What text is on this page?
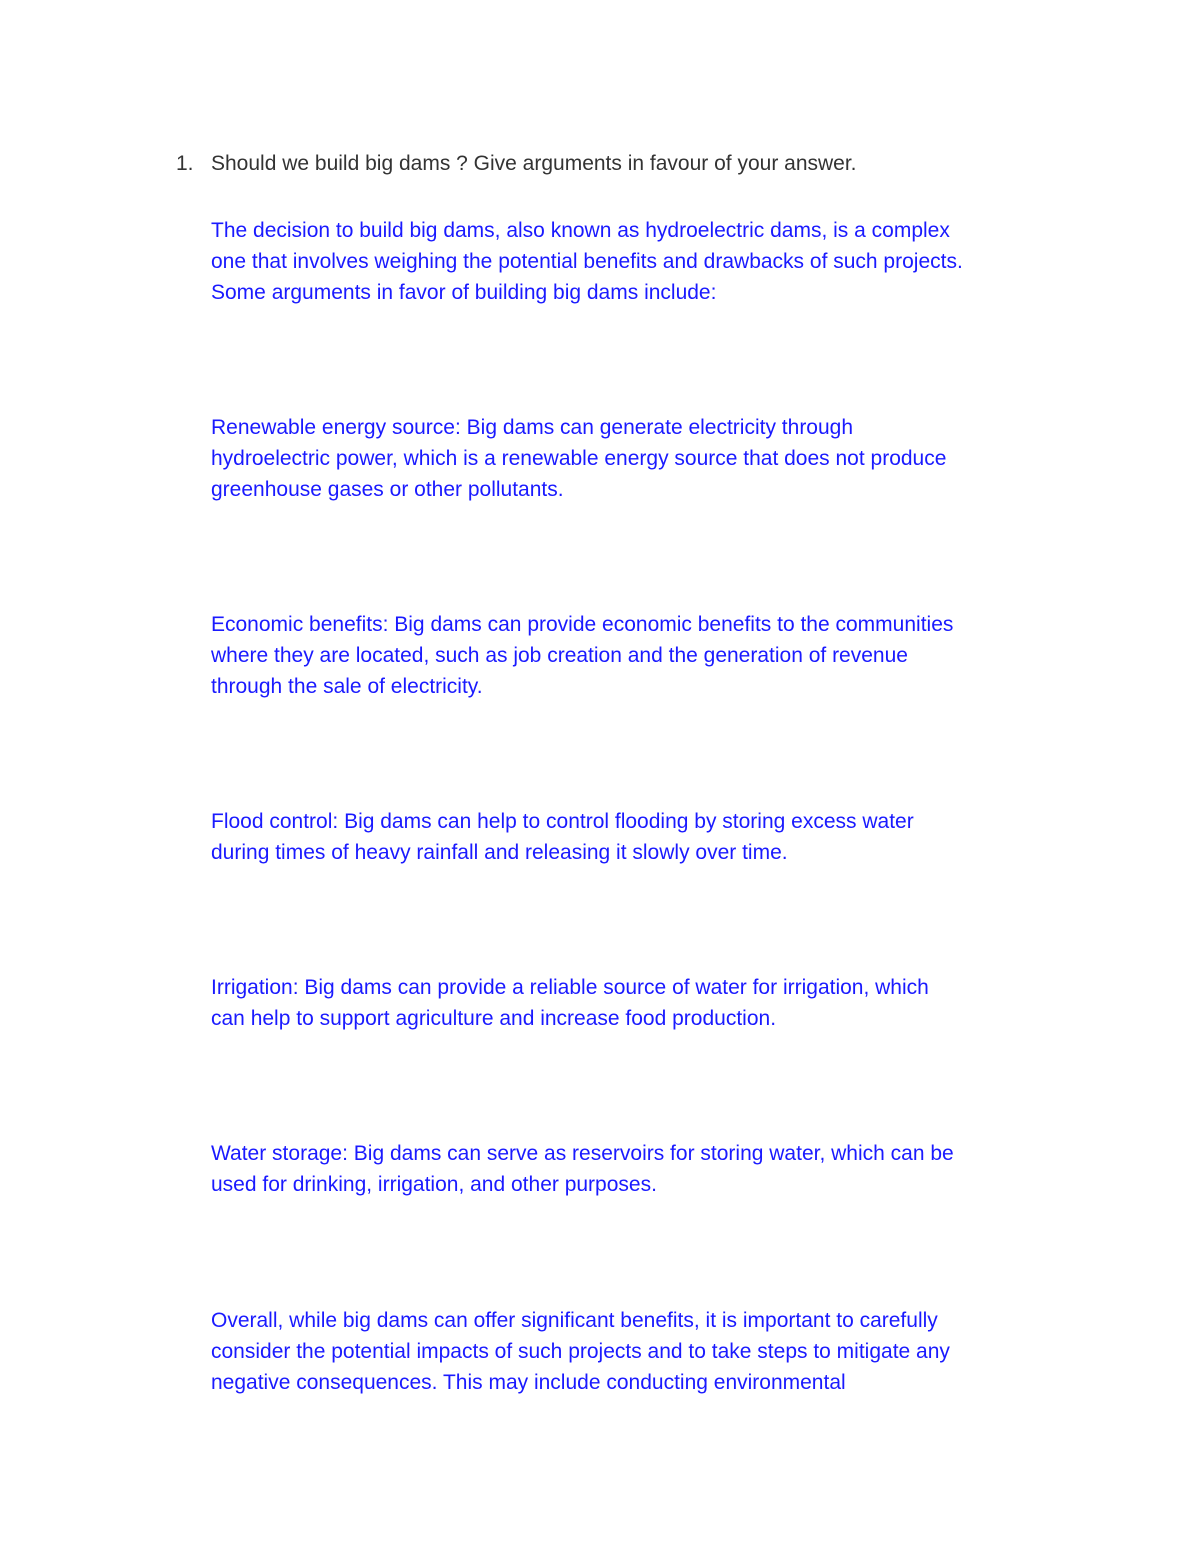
1. Should we build big dams ? Give arguments in favour of your answer.

The decision to build big dams, also known as hydroelectric dams, is a complex
one that involves weighing the potential benefits and drawbacks of such projects.
Some arguments in favor of building big dams include:

Renewable energy source: Big dams can generate electricity through
hydroelectric power, which is a renewable energy source that does not produce
greenhouse gases or other pollutants.

Economic benefits: Big dams can provide economic benefits to the communities
where they are located, such as job creation and the generation of revenue
through the sale of electricity.

Flood control: Big dams can help to control flooding by storing excess water
during times of heavy rainfall and releasing it slowly over time.

Irrigation: Big dams can provide a reliable source of water for irrigation, which
can help to support agriculture and increase food production.

Water storage: Big dams can serve as reservoirs for storing water, which can be
used for drinking, irrigation, and other purposes.

Overall, while big dams can offer significant benefits, it is important to carefully
consider the potential impacts of such projects and to take steps to mitigate any
negative consequences. This may include conducting environmental
